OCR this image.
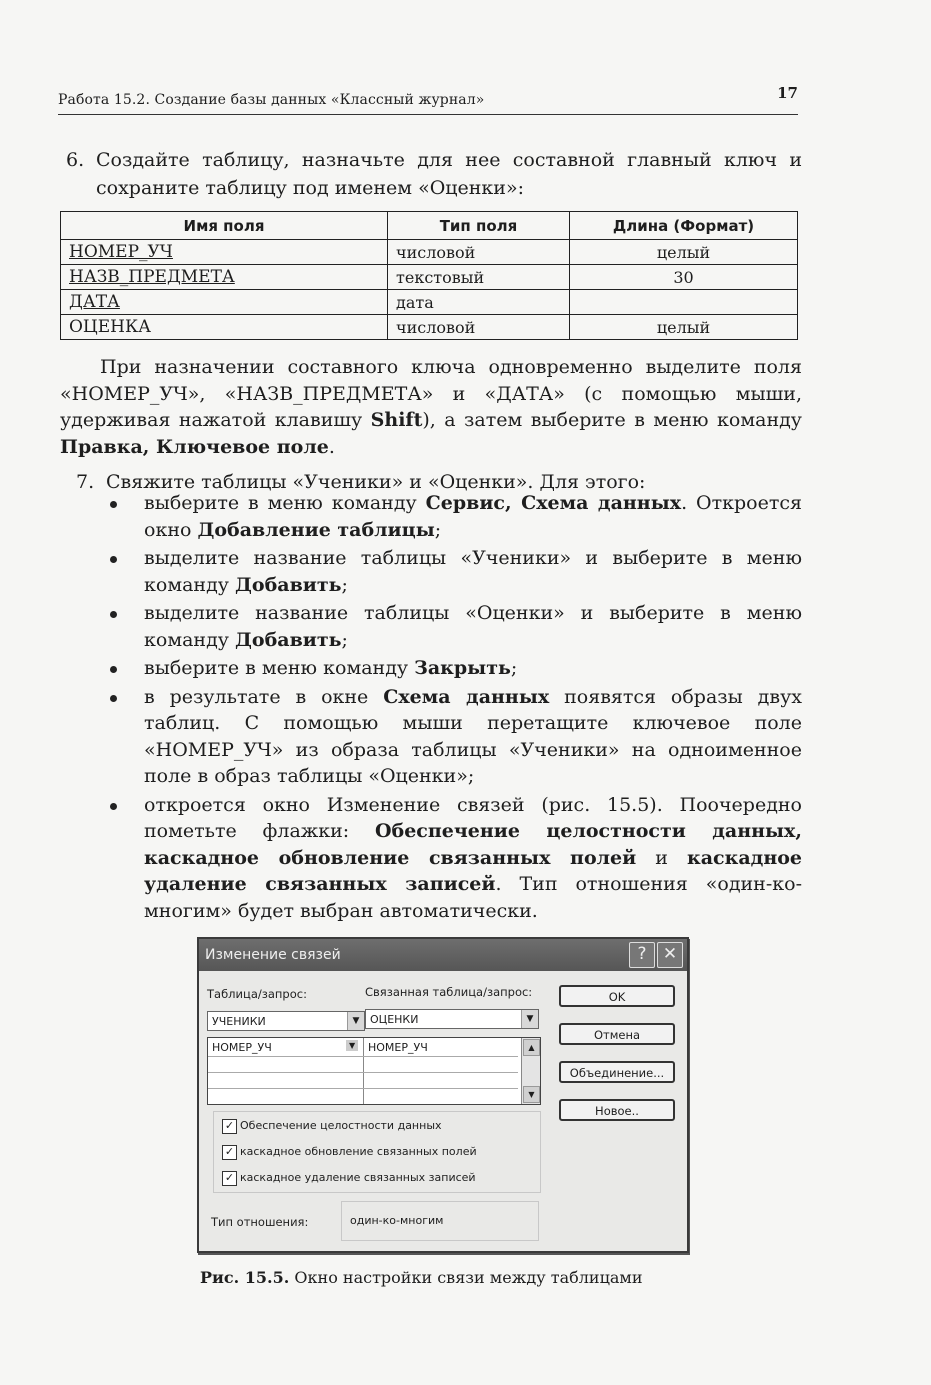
Работа 15.2. Создание базы данных «Классный журнал»	17
6. Создайте таблицу, назначьте для нее составной главный ключ и сохраните таблицу под именем «Оценки»:
Имя поля	Тип поля	Длина (Формат)
НОМЕР_УЧ	числовой	целый
НАЗВ_ПРЕДМЕТА	текстовый	30
ДАТА	дата	
ОЦЕНКА	числовой	целый
При назначении составного ключа одновременно выделите поля «НОМЕР_УЧ», «НАЗВ_ПРЕДМЕТА» и «ДАТА» (с помощью мыши, удерживая нажатой клавишу Shift), а затем выберите в меню команду Правка, Ключевое поле.
7. Свяжите таблицы «Ученики» и «Оценки». Для этого:
выберите в меню команду Сервис, Схема данных. Откроется окно Добавление таблицы;
выделите название таблицы «Ученики» и выберите в меню команду Добавить;
выделите название таблицы «Оценки» и выберите в меню команду Добавить;
выберите в меню команду Закрыть;
в результате в окне Схема данных появятся образы двух таблиц. С помощью мыши перетащите ключевое поле «НОМЕР_УЧ» из образа таблицы «Ученики» на одноименное поле в образ таблицы «Оценки»;
откроется окно Изменение связей (рис. 15.5). Поочередно пометьте флажки: Обеспечение целостности данных, каскадное обновление связанных полей и каскадное удаление связанных записей. Тип отношения «один-ко-многим» будет выбран автоматически.
Изменение связей	? ✕
Таблица/запрос:	Связанная таблица/запрос:
УЧЕНИКИ	▼ ОЦЕНКИ	▼
НОМЕР_УЧ	▼ НОМЕР_УЧ	▲
▼
OK
Отмена
Объединение...
Новое..
✓ Обеспечение целостности данных
✓ каскадное обновление связанных полей
✓ каскадное удаление связанных записей
Тип отношения:	один-ко-многим
Рис. 15.5. Окно настройки связи между таблицами
